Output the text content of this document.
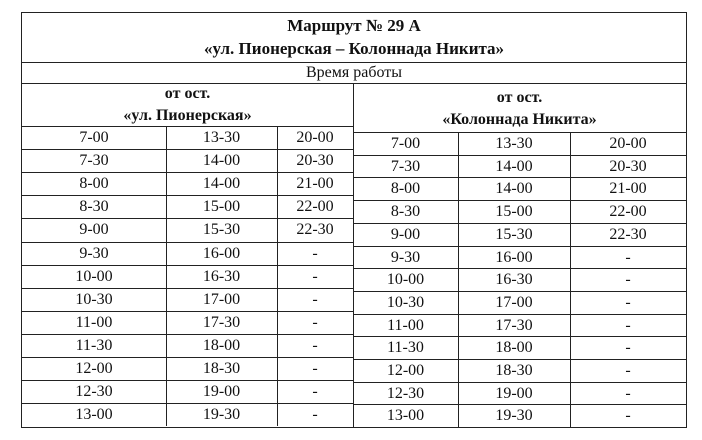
Маршрут № 29 А
«ул. Пионерская – Колоннада Никита»
Время работы
от ост.
«ул. Пионерская»
от ост.
«Колоннада Никита»
7-00	13-30	20-00
7-30	14-00	20-30
8-00	14-00	21-00
8-30	15-00	22-00
9-00	15-30	22-30
9-30	16-00	-
10-00	16-30	-
10-30	17-00	-
11-00	17-30	-
11-30	18-00	-
12-00	18-30	-
12-30	19-00	-
13-00	19-30	-
7-00	13-30	20-00
7-30	14-00	20-30
8-00	14-00	21-00
8-30	15-00	22-00
9-00	15-30	22-30
9-30	16-00	-
10-00	16-30	-
10-30	17-00	-
11-00	17-30	-
11-30	18-00	-
12-00	18-30	-
12-30	19-00	-
13-00	19-30	-
